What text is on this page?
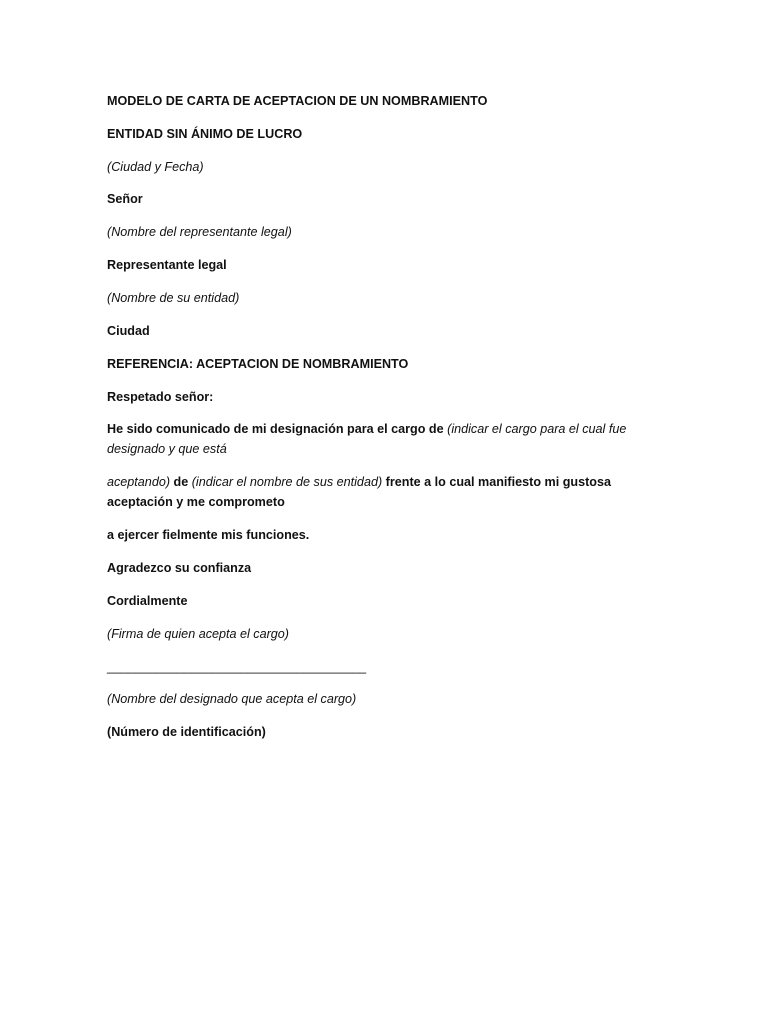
MODELO DE CARTA DE ACEPTACION DE UN NOMBRAMIENTO

ENTIDAD SIN ÁNIMO DE LUCRO

(Ciudad y Fecha)

Señor

(Nombre del representante legal)

Representante legal

(Nombre de su entidad)

Ciudad

REFERENCIA: ACEPTACION DE NOMBRAMIENTO

Respetado señor:

He sido comunicado de mi designación para el cargo de (indicar el cargo para el cual fue designado y que está

aceptando) de (indicar el nombre de sus entidad) frente a lo cual manifiesto mi gustosa aceptación y me comprometo

a ejercer fielmente mis funciones.

Agradezco su confianza

Cordialmente

(Firma de quien acepta el cargo)

_____________________________________

(Nombre del designado que acepta el cargo)

(Número de identificación)
